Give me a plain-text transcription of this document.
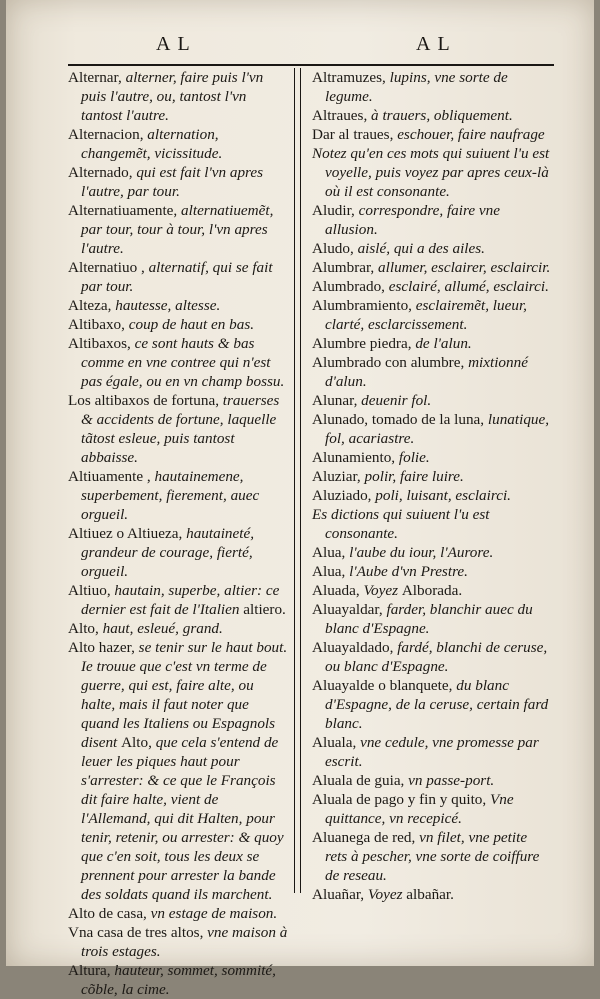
AL	AL

Alternar, alterner, faire puis l'vn puis l'autre, ou, tantost l'vn tantost l'autre.

Alternacion, alternation, changemẽt, vicissitude.

Alternado, qui est fait l'vn apres l'autre, par tour.

Alternatiuamente, alternatiuemẽt, par tour, tour à tour, l'vn apres l'autre.

Alternatiuo , alternatif, qui se fait par tour.

Alteza, hautesse, altesse.

Altibaxo, coup de haut en bas.

Altibaxos, ce sont hauts & bas comme en vne contree qui n'est pas égale, ou en vn champ bossu.

Los altibaxos de fortuna, trauerses & accidents de fortune, laquelle tãtost esleue, puis tantost abbaisse.

Altiuamente , hautainemene, superbement, fierement, auec orgueil.

Altiuez o Altiueza, hautaineté, grandeur de courage, fierté, orgueil.

Altiuo, hautain, superbe, altier: ce dernier est fait de l'Italien altiero.

Alto, haut, esleué, grand.

Alto hazer, se tenir sur le haut bout. Ie trouue que c'est vn terme de guerre, qui est, faire alte, ou halte, mais il faut noter que quand les Italiens ou Espagnols disent Alto, que cela s'entend de leuer les piques haut pour s'arrester: & ce que le François dit faire halte, vient de l'Allemand, qui dit Halten, pour tenir, retenir, ou arrester: & quoy que c'en soit, tous les deux se prennent pour arrester la bande des soldats quand ils marchent.

Alto de casa, vn estage de maison.

Vna casa de tres altos, vne maison à trois estages.

Altura, hauteur, sommet, sommité, cõble, la cime.

Altramuzes, lupins, vne sorte de legume.

Altraues, à trauers, obliquement.

Dar al traues, eschouer, faire naufrage

Notez qu'en ces mots qui suiuent l'u est voyelle, puis voyez par apres ceux-là où il est consonante.

Aludir, correspondre, faire vne allusion.

Aludo, aislé, qui a des ailes.

Alumbrar, allumer, esclairer, esclaircir.

Alumbrado, esclairé, allumé, esclairci.

Alumbramiento, esclairemẽt, lueur, clarté, esclarcissement.

Alumbre piedra, de l'alun.

Alumbrado con alumbre, mixtionné d'alun.

Alunar, deuenir fol.

Alunado, tomado de la luna, lunatique, fol, acariastre.

Alunamiento, folie.

Aluziar, polir, faire luire.

Aluziado, poli, luisant, esclairci.

Es dictions qui suiuent l'u est consonante.

Alua, l'aube du iour, l'Aurore.

Alua, l'Aube d'vn Prestre.

Aluada, Voyez Alborada.

Aluayaldar, farder, blanchir auec du blanc d'Espagne.

Aluayaldado, fardé, blanchi de ceruse, ou blanc d'Espagne.

Aluayalde o blanquete, du blanc d'Espagne, de la ceruse, certain fard blanc.

Aluala, vne cedule, vne promesse par escrit.

Aluala de guia, vn passe-port.

Aluala de pago y fin y quito, Vne quittance, vn recepicé.

Aluanega de red, vn filet, vne petite rets à pescher, vne sorte de coiffure de reseau.

Aluañar, Voyez albañar.
